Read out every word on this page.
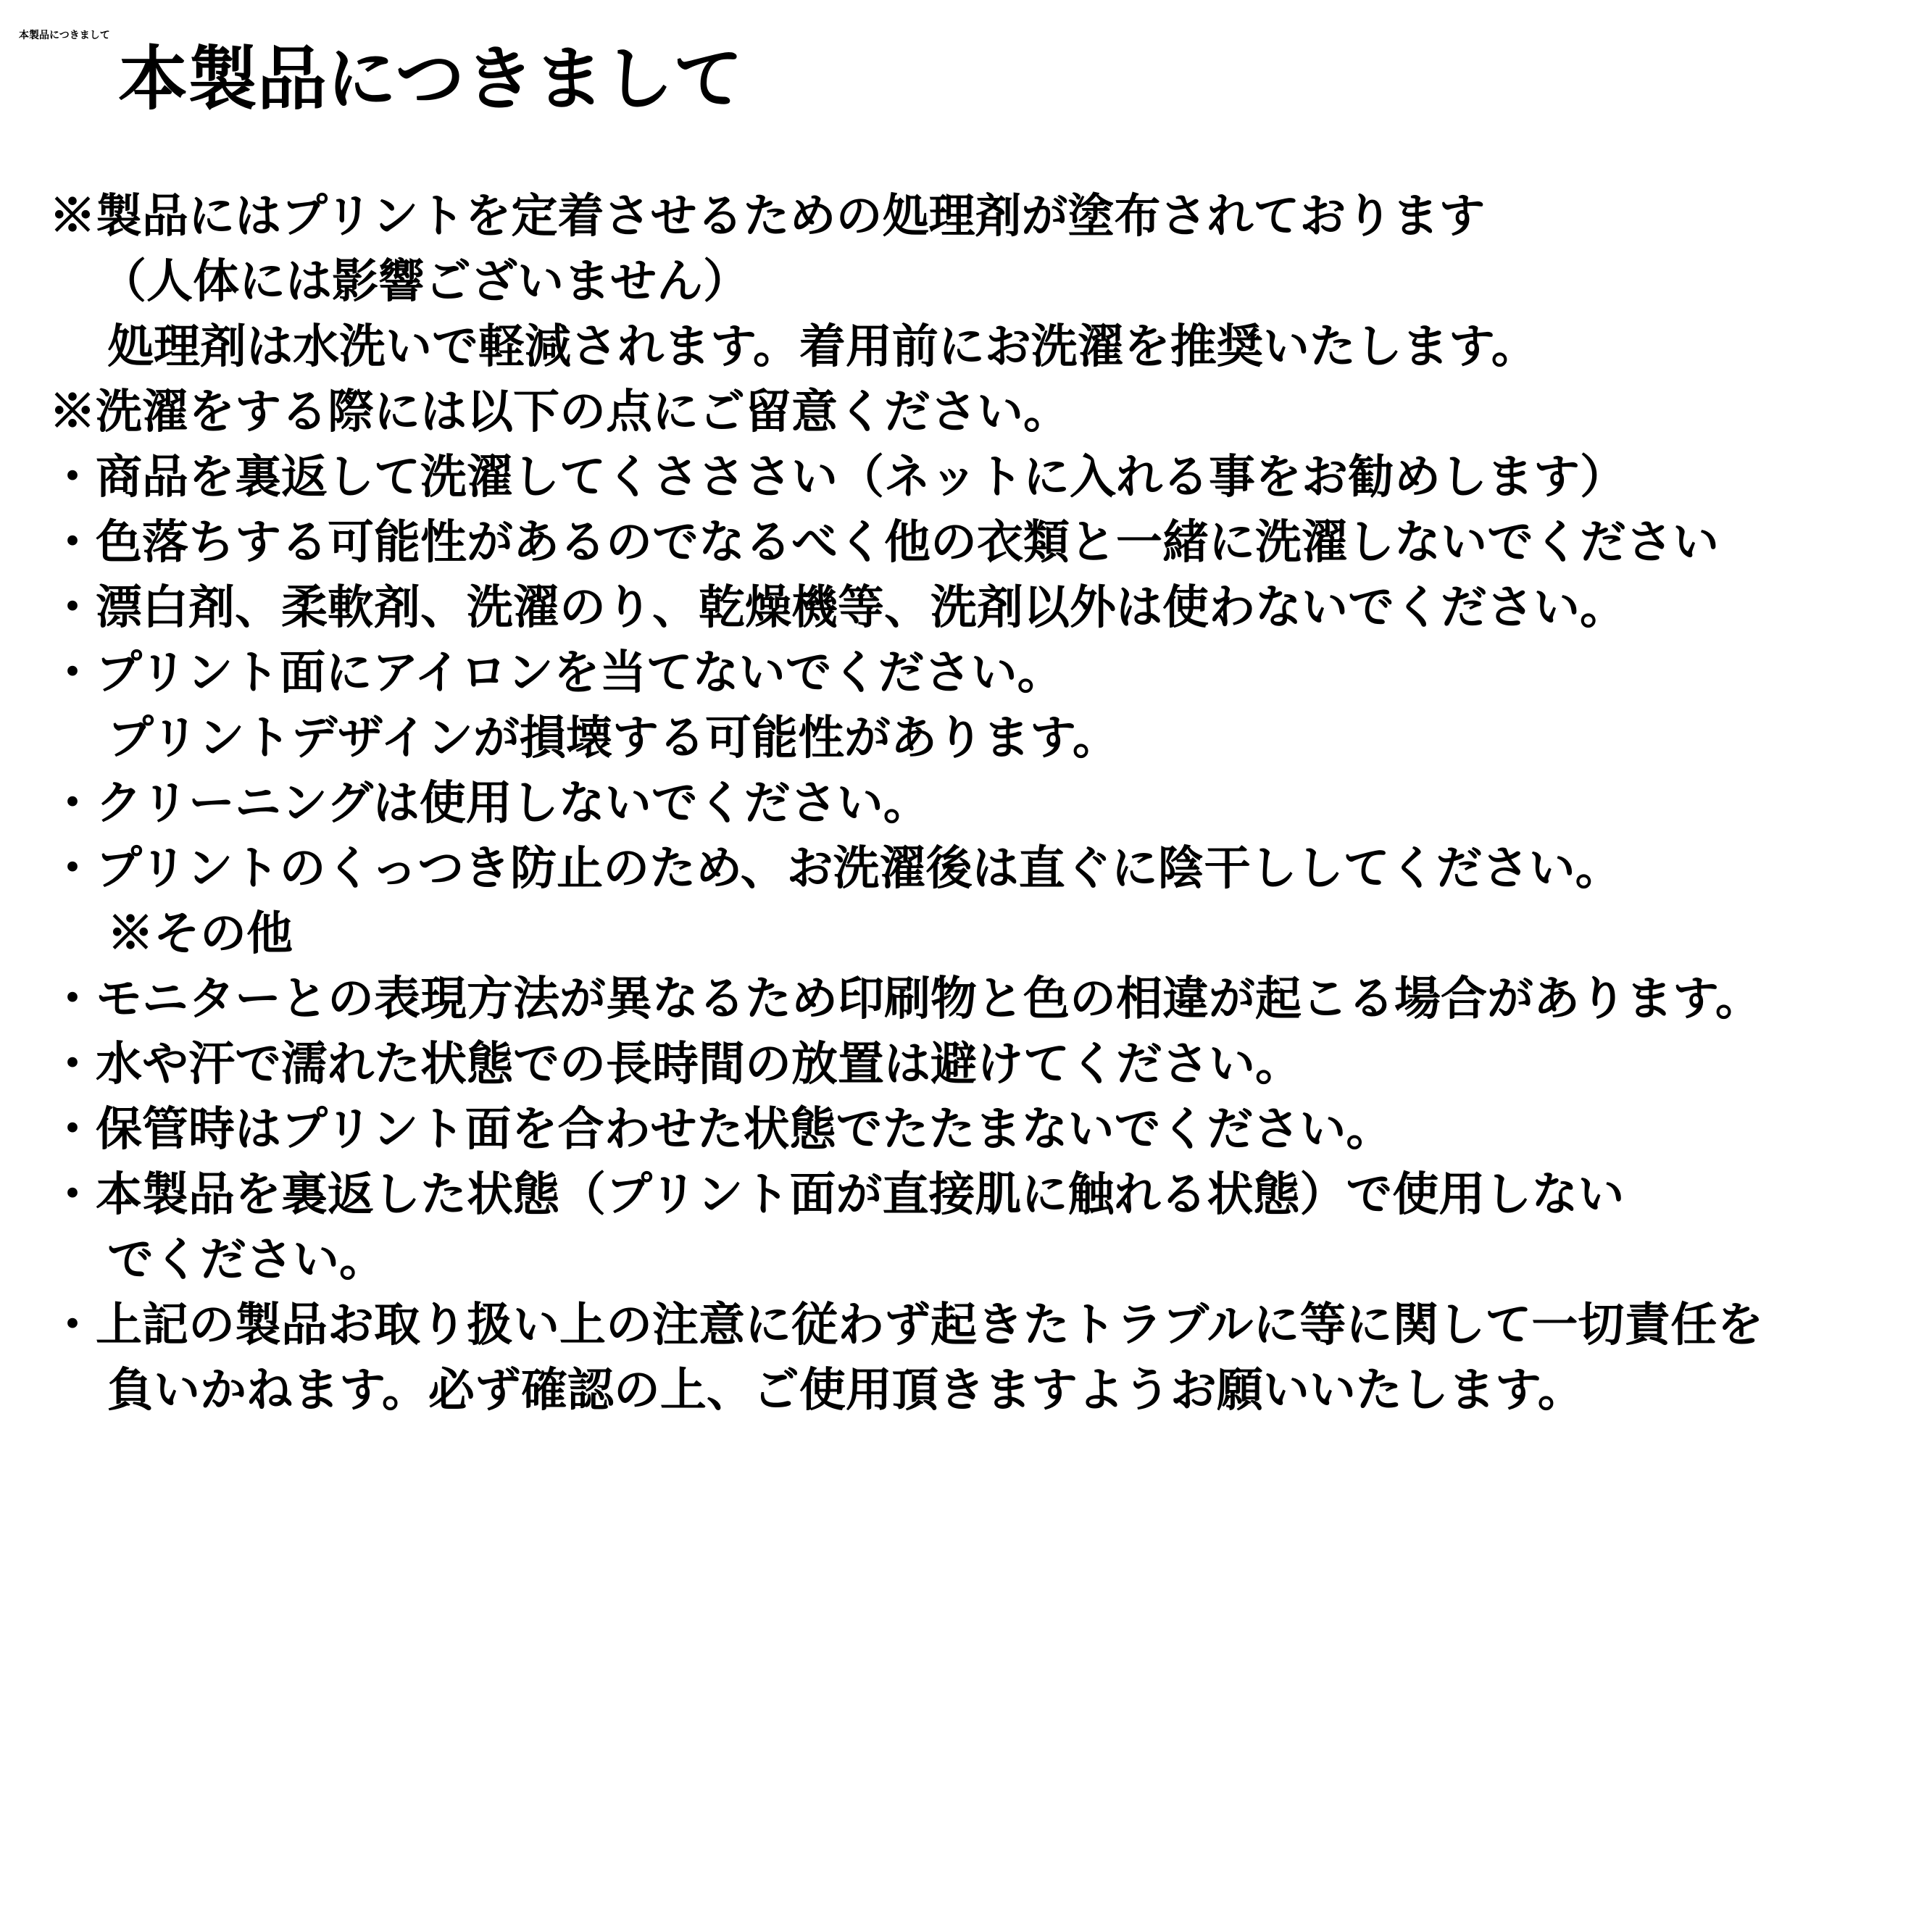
本製品につきまして
本製品につきまして
※製品にはプリントを定着させるための処理剤が塗布されております
（人体には影響ございません）
処理剤は水洗いで軽減されます。着用前にお洗濯を推奨いたします。
※洗濯をする際には以下の点にご留意ください。
・商品を裏返して洗濯してくさささい（ネットに入れる事をお勧めします）
・色落ちする可能性があるのでなるべく他の衣類と一緒に洗濯しないでください
・漂白剤、柔軟剤、洗濯のり、乾燥機等、洗剤以外は使わないでください。
・プリント面にアイロンを当てないでください。
プリントデザインが損壊する可能性があります。
・クリーニングは使用しないでください。
・プリントのくっつき防止のため、お洗濯後は直ぐに陰干ししてください。
※その他
・モニターとの表現方法が異なるため印刷物と色の相違が起こる場合があります。
・水や汗で濡れた状態での長時間の放置は避けてください。
・保管時はプリント面を合わせた状態でたたまないでください。
・本製品を裏返した状態（プリント面が直接肌に触れる状態）で使用しない
でください。
・上記の製品お取り扱い上の注意に従わず起きたトラブルに等に関して一切責任を
負いかねます。必ず確認の上、ご使用頂きますようお願いいたします。
